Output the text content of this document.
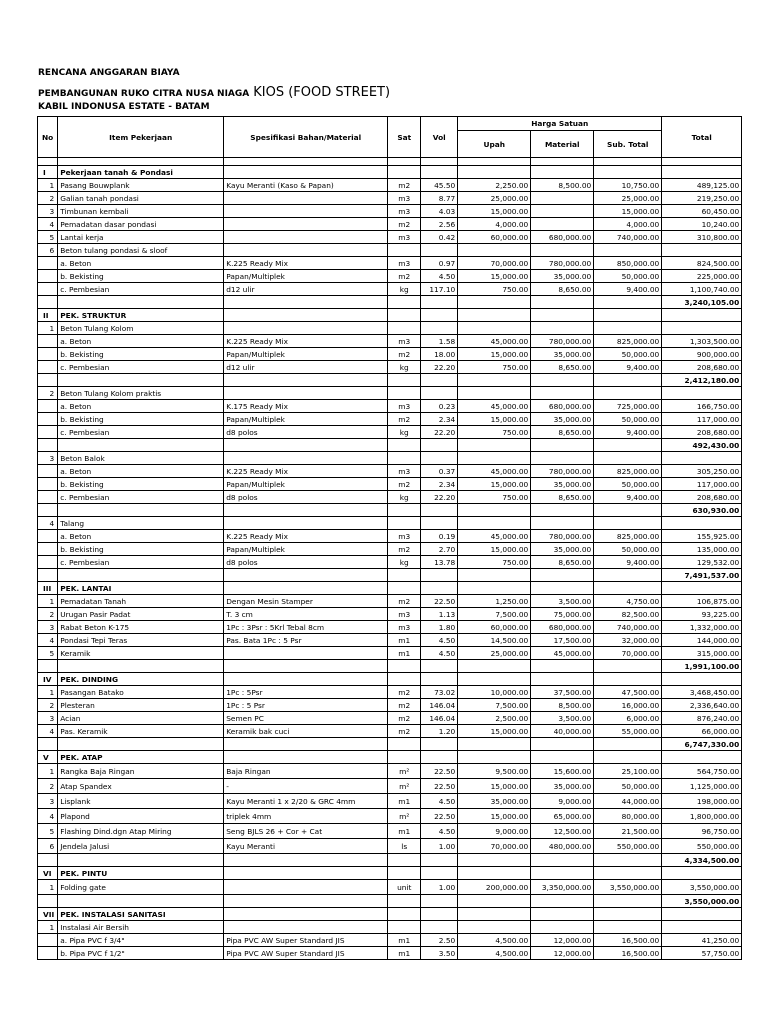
RENCANA ANGGARAN BIAYA
PEMBANGUNAN RUKO CITRA NUSA NIAGA KIOS (FOOD STREET)
KABIL INDONUSA ESTATE - BATAM
No	Item Pekerjaan	Spesifikasi Bahan/Material	Sat	Vol	Harga Satuan			Total
					Upah	Material	Sub. Total	

I	Pekerjaan tanah & Pondasi							
1	Pasang Bouwplank	Kayu Meranti (Kaso & Papan)	m2	45.50	2,250.00	8,500.00	10,750.00	489,125.00
2	Galian tanah pondasi		m3	8.77	25,000.00		25,000.00	219,250.00
3	Timbunan kembali		m3	4.03	15,000.00		15,000.00	60,450.00
4	Pemadatan dasar pondasi		m2	2.56	4,000.00		4,000.00	10,240.00
5	Lantai kerja		m3	0.42	60,000.00	680,000.00	740,000.00	310,800.00
6	Beton tulang pondasi & sloof							
	a. Beton	K.225 Ready Mix	m3	0.97	70,000.00	780,000.00	850,000.00	824,500.00
	b. Bekisting	Papan/Multiplek	m2	4.50	15,000.00	35,000.00	50,000.00	225,000.00
	c. Pembesian	d12 ulir	kg	117.10	750.00	8,650.00	9,400.00	1,100,740.00
								3,240,105.00
II	PEK. STRUKTUR							
1	Beton Tulang Kolom							
	a. Beton	K.225 Ready Mix	m3	1.58	45,000.00	780,000.00	825,000.00	1,303,500.00
	b. Bekisting	Papan/Multiplek	m2	18.00	15,000.00	35,000.00	50,000.00	900,000.00
	c. Pembesian	d12 ulir	kg	22.20	750.00	8,650.00	9,400.00	208,680.00
								2,412,180.00
2	Beton Tulang Kolom praktis							
	a. Beton	K.175 Ready Mix	m3	0.23	45,000.00	680,000.00	725,000.00	166,750.00
	b. Bekisting	Papan/Multiplek	m2	2.34	15,000.00	35,000.00	50,000.00	117,000.00
	c. Pembesian	d8 polos	kg	22.20	750.00	8,650.00	9,400.00	208,680.00
								492,430.00
3	Beton Balok							
	a. Beton	K.225 Ready Mix	m3	0.37	45,000.00	780,000.00	825,000.00	305,250.00
	b. Bekisting	Papan/Multiplek	m2	2.34	15,000.00	35,000.00	50,000.00	117,000.00
	c. Pembesian	d8 polos	kg	22.20	750.00	8,650.00	9,400.00	208,680.00
								630,930.00
4	Talang							
	a. Beton	K.225 Ready Mix	m3	0.19	45,000.00	780,000.00	825,000.00	155,925.00
	b. Bekisting	Papan/Multiplek	m2	2.70	15,000.00	35,000.00	50,000.00	135,000.00
	c. Pembesian	d8 polos	kg	13.78	750.00	8,650.00	9,400.00	129,532.00
								7,491,537.00
III	PEK. LANTAI							
1	Pemadatan Tanah	Dengan Mesin Stamper	m2	22.50	1,250.00	3,500.00	4,750.00	106,875.00
2	Urugan Pasir Padat	T. 3 cm	m3	1.13	7,500.00	75,000.00	82,500.00	93,225.00
3	Rabat Beton K-175	1Pc : 3Psr : 5Krl Tebal 8cm	m3	1.80	60,000.00	680,000.00	740,000.00	1,332,000.00
4	Pondasi Tepi Teras	Pas. Bata 1Pc : 5 Psr	m1	4.50	14,500.00	17,500.00	32,000.00	144,000.00
5	Keramik		m1	4.50	25,000.00	45,000.00	70,000.00	315,000.00
								1,991,100.00
IV	PEK. DINDING							
1	Pasangan Batako	1Pc : 5Psr	m2	73.02	10,000.00	37,500.00	47,500.00	3,468,450.00
2	Plesteran	1Pc : 5 Psr	m2	146.04	7,500.00	8,500.00	16,000.00	2,336,640.00
3	Acian	Semen PC	m2	146.04	2,500.00	3,500.00	6,000.00	876,240.00
4	Pas. Keramik	Keramik bak cuci	m2	1.20	15,000.00	40,000.00	55,000.00	66,000.00
								6,747,330.00
V	PEK. ATAP							
1	Rangka Baja Ringan	Baja Ringan	m²	22.50	9,500.00	15,600.00	25,100.00	564,750.00
2	Atap Spandex	-	m²	22.50	15,000.00	35,000.00	50,000.00	1,125,000.00
3	Lisplank	Kayu Meranti 1 x 2/20 & GRC 4mm	m1	4.50	35,000.00	9,000.00	44,000.00	198,000.00
4	Plapond	triplek 4mm	m²	22.50	15,000.00	65,000.00	80,000.00	1,800,000.00
5	Flashing Dind.dgn Atap Miring	Seng BJLS 26 + Cor + Cat	m1	4.50	9,000.00	12,500.00	21,500.00	96,750.00
6	Jendela Jalusi	Kayu Meranti	ls	1.00	70,000.00	480,000.00	550,000.00	550,000.00
								4,334,500.00
VI	PEK. PINTU							
1	Folding gate		unit	1.00	200,000.00	3,350,000.00	3,550,000.00	3,550,000.00
								3,550,000.00
VII	PEK. INSTALASI SANITASI							
1	Instalasi Air Bersih							
	a. Pipa PVC f 3/4"	Pipa PVC AW Super Standard JIS	m1	2.50	4,500.00	12,000.00	16,500.00	41,250.00
	b. Pipa PVC f 1/2"	Pipa PVC AW Super Standard JIS	m1	3.50	4,500.00	12,000.00	16,500.00	57,750.00
